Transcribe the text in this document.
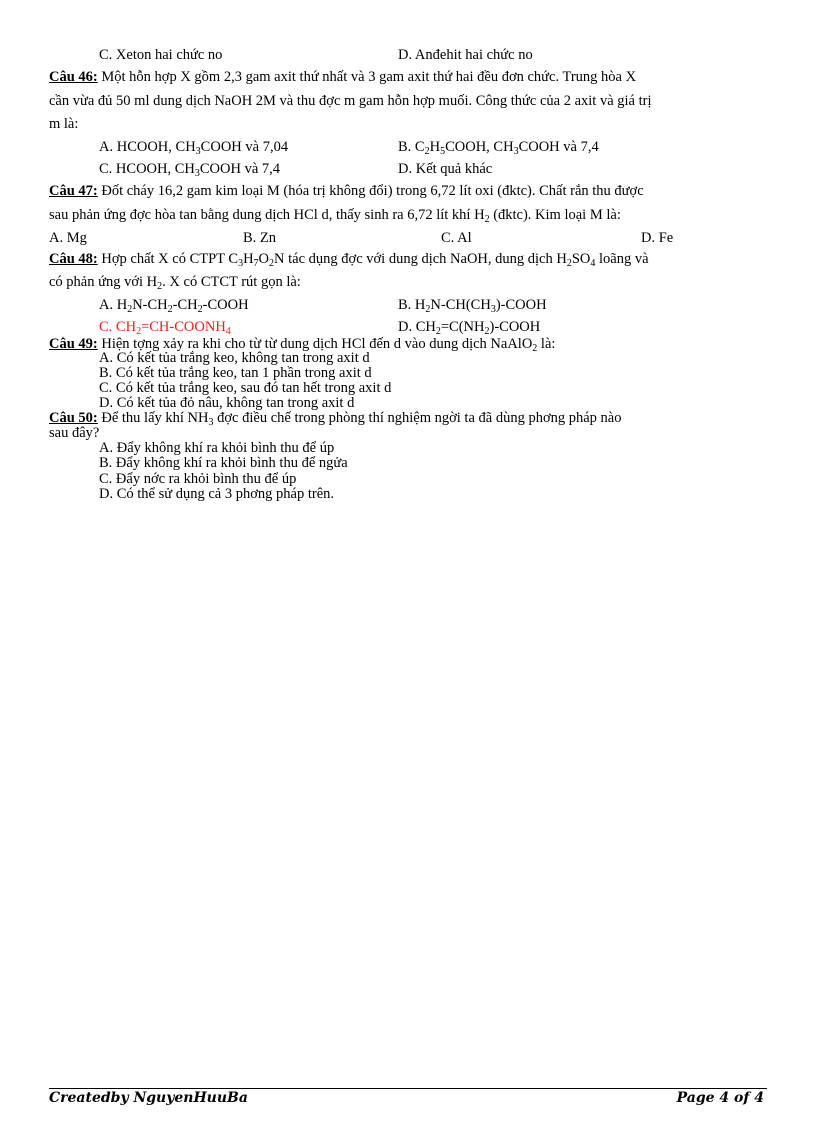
C. Xeton hai chức no	D. Anđehit hai chức no
Câu 46: Một hỗn hợp X gồm 2,3 gam axit thứ nhất và 3 gam axit thứ hai đều đơn chức. Trung hòa X
cần vừa đủ 50 ml dung dịch NaOH 2M và thu đợc m gam hỗn hợp muối. Công thức của 2 axit và giá trị
m là:
A. HCOOH, $CH_3COOH$ và 7,04	B. $C_2H_5COOH$, $CH_3COOH$ và 7,4
C. HCOOH, $CH_3COOH$ và 7,4	D. Kết quả khác
Câu 47: Đốt cháy 16,2 gam kim loại M (hóa trị không đổi) trong 6,72 lít oxi (đktc). Chất rắn thu được
sau phản ứng đợc hòa tan bằng dung dịch HCl d, thấy sinh ra 6,72 lít khí $H_2$ (đktc). Kim loại M là:
A. Mg	B. Zn	C. Al	D. Fe
Câu 48: Hợp chất X có CTPT $C_3H_7O_2N$ tác dụng đợc với dung dịch NaOH, dung dịch $H_2SO_4$ loãng và
có phản ứng với $H_2$. X có CTCT rút gọn là:
A. $H_2N-CH_2-CH_2$-COOH	B. $H_2N-CH(CH_3)$-COOH
C. $CH_2=CH-COONH_4$	D. $CH_2=C(NH_2)$-COOH
Câu 49: Hiện tợng xảy ra khi cho từ từ dung dịch HCl đến d vào dung dịch NaAlO$_2$ là:
A. Có kết tủa trắng keo, không tan trong axit d
B. Có kết tủa trắng keo, tan 1 phần trong axit d
C. Có kết tủa trắng keo, sau đó tan hết trong axit d
D. Có kết tủa đỏ nâu, không tan trong axit d
Câu 50: Để thu lấy khí $NH_3$ đợc điều chế trong phòng thí nghiệm ngời ta đã dùng phơng pháp nào
sau đây?
A. Đẩy không khí ra khỏi bình thu để úp
B. Đẩy không khí ra khỏi bình thu để ngửa
C. Đẩy nớc ra khỏi bình thu để úp
D. Có thể sử dụng cả 3 phơng pháp trên.
Createdby NguyenHuuBa	Page 4 of 4
